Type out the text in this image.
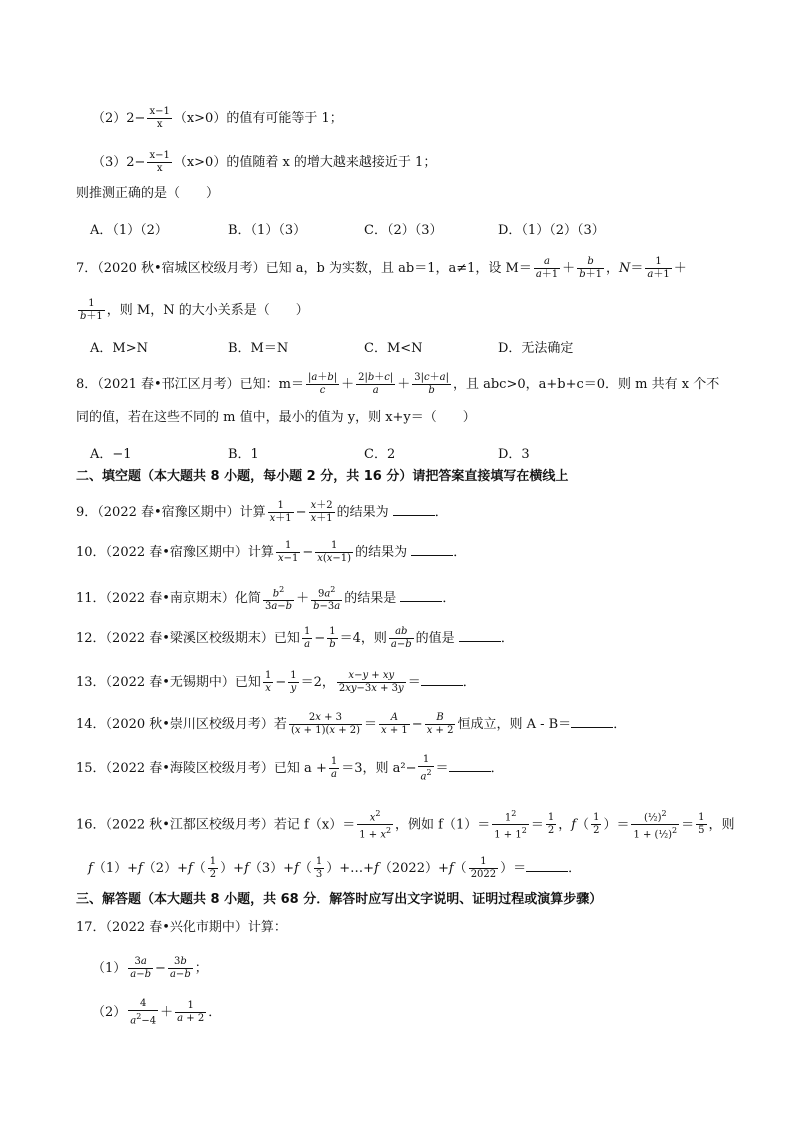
$(2)2- \frac{x-1}{x} (x>0)$的值有可能等于 1；
$(3)2- \frac{x-1}{x} (x>0)$的值随着 x 的增大越来越接近于 1；
则推测正确的是（　　）
A．（1）（2）	B．（1）（3）	C．（2）（3）	D．（1）（2）（3）
7．（2020 秋•宿城区校级月考）已知 a，b 为实数，且 ab＝1，a≠1，设 $M= \frac{a}{a+1} + \frac{b}{b+1}$ ，$N= \frac{1}{a+1}$ ＋
$\frac{1}{b+1}$ ，则 M，N 的大小关系是（　　）
A．M>N	B．M＝N	C．M<N	D．无法确定
8．（2021 春•邗江区月考）已知：$m= \frac{|a+b|}{c} + \frac{2|b+c|}{a} + \frac{3|c+a|}{b}$ ，且 abc>0，a+b+c＝0．则 m 共有 x 个不
同的值，若在这些不同的 m 值中，最小的值为 y，则 x+y＝（　　）
A．−1	B．1	C．2	D．3
二、填空题（本大题共 8 小题，每小题 2 分，共 16 分）请把答案直接填写在横线上
9．（2022 春•宿豫区期中）计算 $\frac{1}{x+1} - \frac{x+2}{x+1}$ 的结果为	．
10．（2022 春•宿豫区期中）计算 $\frac{1}{x-1} - \frac{1}{x(x-1)}$ 的结果为	．
11．（2022 春•南京期末）化简 $\frac{b^2}{3a-b} + \frac{9a^2}{b-3a}$ 的结果是	．
12．（2022 春•梁溪区校级期末）已知 $\frac{1}{a} - \frac{1}{b} =4$，则 $\frac{ab}{a-b}$ 的值是	．
13．（2022 春•无锡期中）已知 $\frac{1}{x} - \frac{1}{y} =2$， $\frac{x-y + xy}{2xy-3x + 3y}$ ＝	．
14．（2020 秋•崇川区校级月考）若 $\frac{2x + 3}{(x + 1)(x + 2)} = \frac{A}{x + 1} - \frac{B}{x + 2}$ 恒成立，则 A - B＝	．
15．（2022 春•海陵区校级月考）已知 $a + \frac{1}{a} =3$，则 $a^2- \frac{1}{a^2}$ ＝	．
16．（2022 秋•江都区校级月考）若记 $f(x)= \frac{x^2}{1 + x^2}$ ，例如 $f(1)= \frac{1^2}{1 + 1^2} = \frac{1}{2}$ ，$f( \frac{1}{2}$ ）＝ $\frac{(\frac{1}{2})^2}{1 + (\frac{1}{2})^2} = \frac{1}{5}$ ，则
$f(1)+f(2)+f( \frac{1}{2} )+f(3)+f( \frac{1}{3}$ ）+…+f（2022）+f（ $\frac{1}{2022}$ ）＝	．
三、解答题（本大题共 8 小题，共 68 分．解答时应写出文字说明、证明过程或演算步骤）
17．（2022 春•兴化市期中）计算：
$(1) \frac{3a}{a-b} - \frac{3b}{a-b}$ ；
$(2) \frac{4}{a^2-4} + \frac{1}{a + 2}$ ．
